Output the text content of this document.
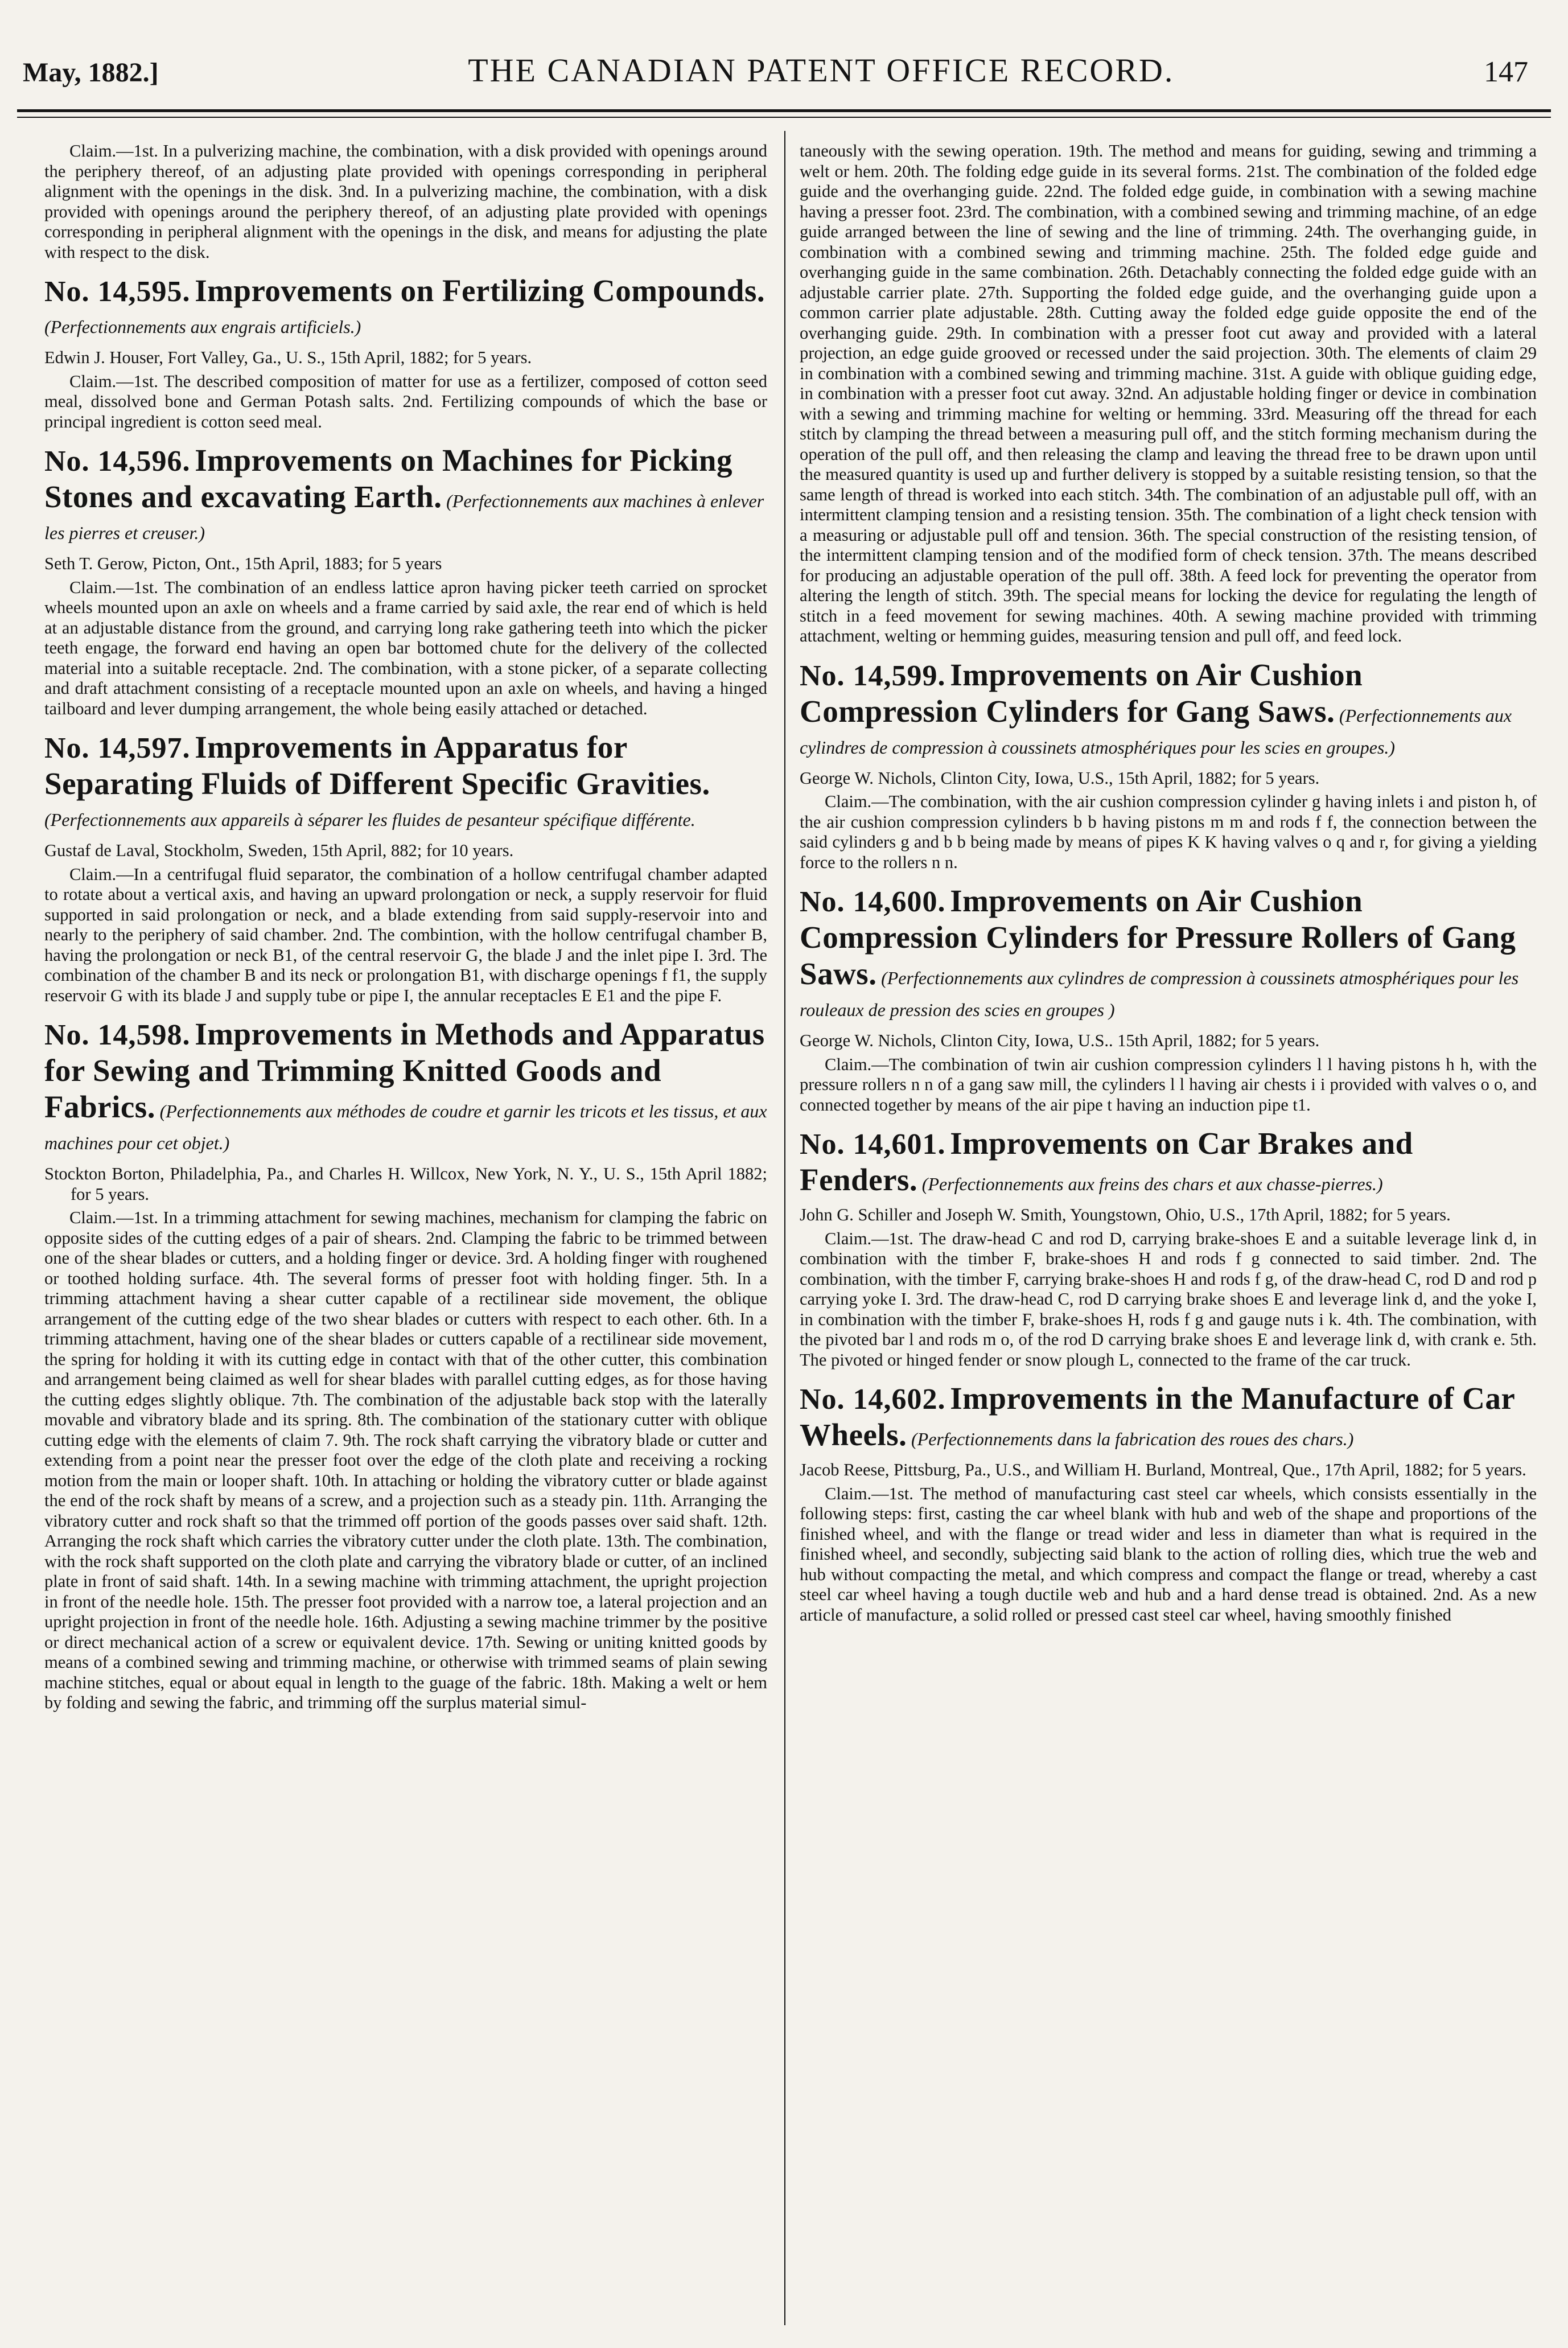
May, 1882.]	THE CANADIAN PATENT OFFICE RECORD.	147

Claim.—1st. In a pulverizing machine, the combination, with a disk provided with openings around the periphery thereof, of an adjusting plate provided with openings corresponding in peripheral alignment with the openings in the disk. 3nd. In a pulverizing machine, the combination, with a disk provided with openings around the periphery thereof, of an adjusting plate provided with openings corresponding in peripheral alignment with the openings in the disk, and means for adjusting the plate with respect to the disk.

No. 14,595. Improvements on Fertilizing Compounds. (Perfectionnements aux engrais artificiels.)

Edwin J. Houser, Fort Valley, Ga., U. S., 15th April, 1882; for 5 years.

Claim.—1st. The described composition of matter for use as a fertilizer, composed of cotton seed meal, dissolved bone and German Potash salts. 2nd. Fertilizing compounds of which the base or principal ingredient is cotton seed meal.

No. 14,596. Improvements on Machines for Picking Stones and excavating Earth. (Perfectionnements aux machines à enlever les pierres et creuser.)

Seth T. Gerow, Picton, Ont., 15th April, 1883; for 5 years

Claim.—1st. The combination of an endless lattice apron having picker teeth carried on sprocket wheels mounted upon an axle on wheels and a frame carried by said axle, the rear end of which is held at an adjustable distance from the ground, and carrying long rake gathering teeth into which the picker teeth engage, the forward end having an open bar bottomed chute for the delivery of the collected material into a suitable receptacle. 2nd. The combination, with a stone picker, of a separate collecting and draft attachment consisting of a receptacle mounted upon an axle on wheels, and having a hinged tailboard and lever dumping arrangement, the whole being easily attached or detached.

No. 14,597. Improvements in Apparatus for Separating Fluids of Different Specific Gravities. (Perfectionnements aux appareils à séparer les fluides de pesanteur spécifique différente.

Gustaf de Laval, Stockholm, Sweden, 15th April, 882; for 10 years.

Claim.—In a centrifugal fluid separator, the combination of a hollow centrifugal chamber adapted to rotate about a vertical axis, and having an upward prolongation or neck, a supply reservoir for fluid supported in said prolongation or neck, and a blade extending from said supply-reservoir into and nearly to the periphery of said chamber. 2nd. The combintion, with the hollow centrifugal chamber B, having the prolongation or neck B1, of the central reservoir G, the blade J and the inlet pipe I. 3rd. The combination of the chamber B and its neck or prolongation B1, with discharge openings f f1, the supply reservoir G with its blade J and supply tube or pipe I, the annular receptacles E E1 and the pipe F.

No. 14,598. Improvements in Methods and Apparatus for Sewing and Trimming Knitted Goods and Fabrics. (Perfectionnements aux méthodes de coudre et garnir les tricots et les tissus, et aux machines pour cet objet.)

Stockton Borton, Philadelphia, Pa., and Charles H. Willcox, New York, N. Y., U. S., 15th April 1882; for 5 years.

Claim.—1st. In a trimming attachment for sewing machines, mechanism for clamping the fabric on opposite sides of the cutting edges of a pair of shears. 2nd. Clamping the fabric to be trimmed between one of the shear blades or cutters, and a holding finger or device. 3rd. A holding finger with roughened or toothed holding surface. 4th. The several forms of presser foot with holding finger. 5th. In a trimming attachment having a shear cutter capable of a rectilinear side movement, the oblique arrangement of the cutting edge of the two shear blades or cutters with respect to each other. 6th. In a trimming attachment, having one of the shear blades or cutters capable of a rectilinear side movement, the spring for holding it with its cutting edge in contact with that of the other cutter, this combination and arrangement being claimed as well for shear blades with parallel cutting edges, as for those having the cutting edges slightly oblique. 7th. The combination of the adjustable back stop with the laterally movable and vibratory blade and its spring. 8th. The combination of the stationary cutter with oblique cutting edge with the elements of claim 7. 9th. The rock shaft carrying the vibratory blade or cutter and extending from a point near the presser foot over the edge of the cloth plate and receiving a rocking motion from the main or looper shaft. 10th. In attaching or holding the vibratory cutter or blade against the end of the rock shaft by means of a screw, and a projection such as a steady pin. 11th. Arranging the vibratory cutter and rock shaft so that the trimmed off portion of the goods passes over said shaft. 12th. Arranging the rock shaft which carries the vibratory cutter under the cloth plate. 13th. The combination, with the rock shaft supported on the cloth plate and carrying the vibratory blade or cutter, of an inclined plate in front of said shaft. 14th. In a sewing machine with trimming attachment, the upright projection in front of the needle hole. 15th. The presser foot provided with a narrow toe, a lateral projection and an upright projection in front of the needle hole. 16th. Adjusting a sewing machine trimmer by the positive or direct mechanical action of a screw or equivalent device. 17th. Sewing or uniting knitted goods by means of a combined sewing and trimming machine, or otherwise with trimmed seams of plain sewing machine stitches, equal or about equal in length to the guage of the fabric. 18th. Making a welt or hem by folding and sewing the fabric, and trimming off the surplus material simul-

taneously with the sewing operation. 19th. The method and means for guiding, sewing and trimming a welt or hem. 20th. The folding edge guide in its several forms. 21st. The combination of the folded edge guide and the overhanging guide. 22nd. The folded edge guide, in combination with a sewing machine having a presser foot. 23rd. The combination, with a combined sewing and trimming machine, of an edge guide arranged between the line of sewing and the line of trimming. 24th. The overhanging guide, in combination with a combined sewing and trimming machine. 25th. The folded edge guide and overhanging guide in the same combination. 26th. Detachably connecting the folded edge guide with an adjustable carrier plate. 27th. Supporting the folded edge guide, and the overhanging guide upon a common carrier plate adjustable. 28th. Cutting away the folded edge guide opposite the end of the overhanging guide. 29th. In combination with a presser foot cut away and provided with a lateral projection, an edge guide grooved or recessed under the said projection. 30th. The elements of claim 29 in combination with a combined sewing and trimming machine. 31st. A guide with oblique guiding edge, in combination with a presser foot cut away. 32nd. An adjustable holding finger or device in combination with a sewing and trimming machine for welting or hemming. 33rd. Measuring off the thread for each stitch by clamping the thread between a measuring pull off, and the stitch forming mechanism during the operation of the pull off, and then releasing the clamp and leaving the thread free to be drawn upon until the measured quantity is used up and further delivery is stopped by a suitable resisting tension, so that the same length of thread is worked into each stitch. 34th. The combination of an adjustable pull off, with an intermittent clamping tension and a resisting tension. 35th. The combination of a light check tension with a measuring or adjustable pull off and tension. 36th. The special construction of the resisting tension, of the intermittent clamping tension and of the modified form of check tension. 37th. The means described for producing an adjustable operation of the pull off. 38th. A feed lock for preventing the operator from altering the length of stitch. 39th. The special means for locking the device for regulating the length of stitch in a feed movement for sewing machines. 40th. A sewing machine provided with trimming attachment, welting or hemming guides, measuring tension and pull off, and feed lock.

No. 14,599. Improvements on Air Cushion Compression Cylinders for Gang Saws. (Perfectionnements aux cylindres de compression à coussinets atmosphériques pour les scies en groupes.)

George W. Nichols, Clinton City, Iowa, U.S., 15th April, 1882; for 5 years.

Claim.—The combination, with the air cushion compression cylinder g having inlets i and piston h, of the air cushion compression cylinders b b having pistons m m and rods f f, the connection between the said cylinders g and b b being made by means of pipes K K having valves o q and r, for giving a yielding force to the rollers n n.

No. 14,600. Improvements on Air Cushion Compression Cylinders for Pressure Rollers of Gang Saws. (Perfectionnements aux cylindres de compression à coussinets atmosphériques pour les rouleaux de pression des scies en groupes )

George W. Nichols, Clinton City, Iowa, U.S.. 15th April, 1882; for 5 years.

Claim.—The combination of twin air cushion compression cylinders l l having pistons h h, with the pressure rollers n n of a gang saw mill, the cylinders l l having air chests i i provided with valves o o, and connected together by means of the air pipe t having an induction pipe t1.

No. 14,601. Improvements on Car Brakes and Fenders. (Perfectionnements aux freins des chars et aux chasse-pierres.)

John G. Schiller and Joseph W. Smith, Youngstown, Ohio, U.S., 17th April, 1882; for 5 years.

Claim.—1st. The draw-head C and rod D, carrying brake-shoes E and a suitable leverage link d, in combination with the timber F, brake-shoes H and rods f g connected to said timber. 2nd. The combination, with the timber F, carrying brake-shoes H and rods f g, of the draw-head C, rod D and rod p carrying yoke I. 3rd. The draw-head C, rod D carrying brake shoes E and leverage link d, and the yoke I, in combination with the timber F, brake-shoes H, rods f g and gauge nuts i k. 4th. The combination, with the pivoted bar l and rods m o, of the rod D carrying brake shoes E and leverage link d, with crank e. 5th. The pivoted or hinged fender or snow plough L, connected to the frame of the car truck.

No. 14,602. Improvements in the Manufacture of Car Wheels. (Perfectionnements dans la fabrication des roues des chars.)

Jacob Reese, Pittsburg, Pa., U.S., and William H. Burland, Montreal, Que., 17th April, 1882; for 5 years.

Claim.—1st. The method of manufacturing cast steel car wheels, which consists essentially in the following steps: first, casting the car wheel blank with hub and web of the shape and proportions of the finished wheel, and with the flange or tread wider and less in diameter than what is required in the finished wheel, and secondly, subjecting said blank to the action of rolling dies, which true the web and hub without compacting the metal, and which compress and compact the flange or tread, whereby a cast steel car wheel having a tough ductile web and hub and a hard dense tread is obtained. 2nd. As a new article of manufacture, a solid rolled or pressed cast steel car wheel, having smoothly finished
